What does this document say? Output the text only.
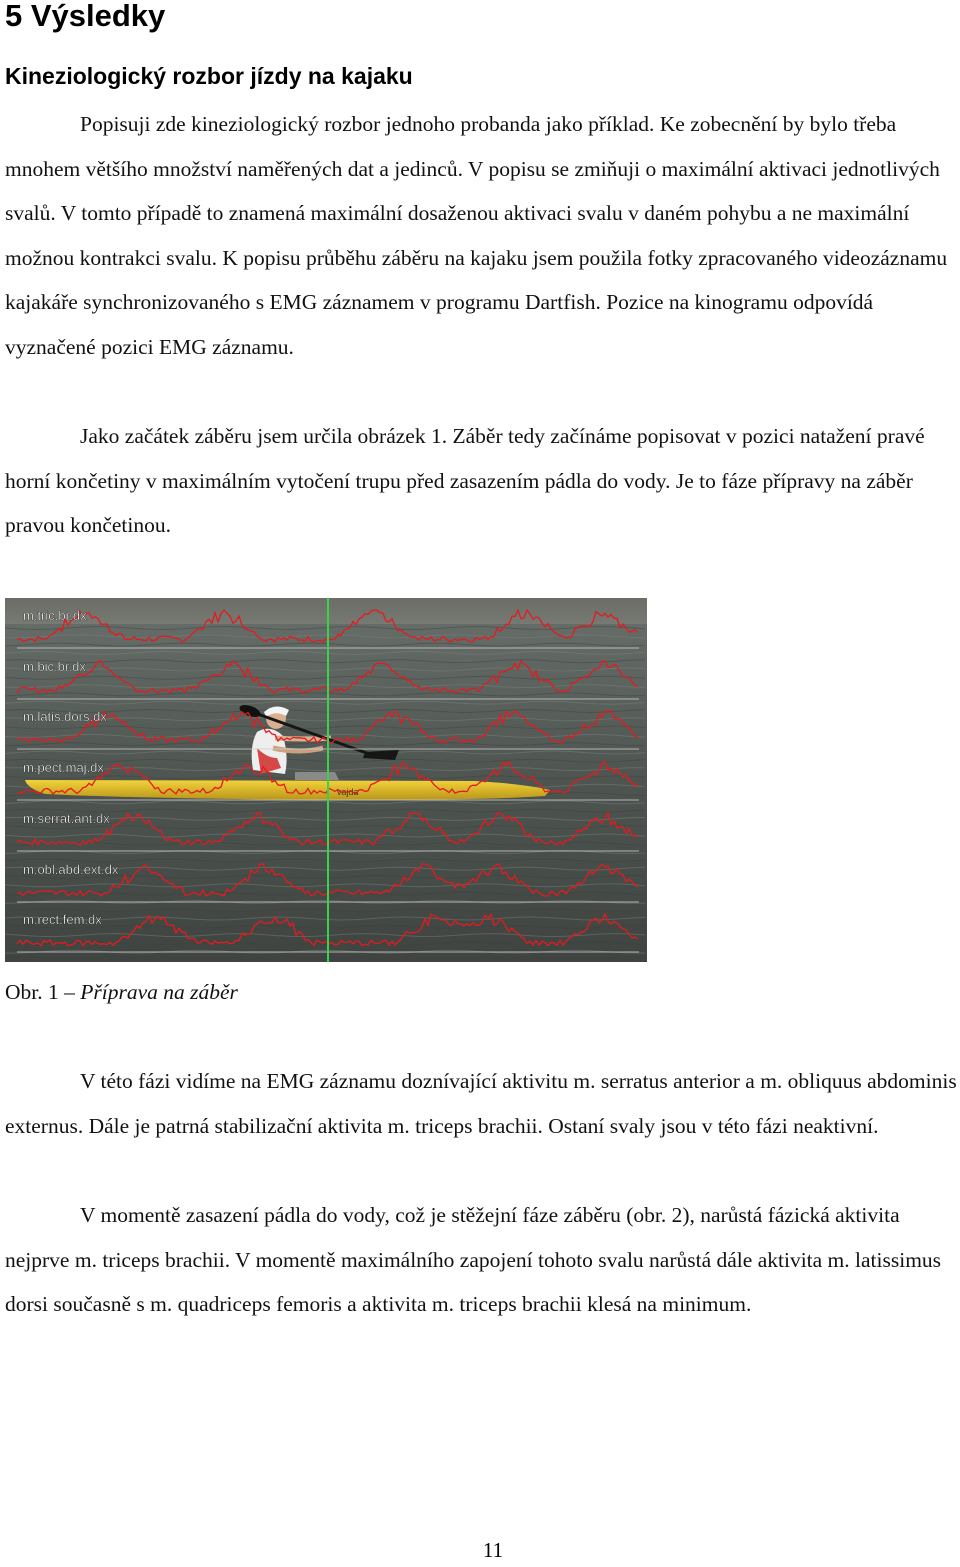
5 Výsledky
Kineziologický rozbor jízdy na kajaku

Popisuji zde kineziologický rozbor jednoho probanda jako příklad. Ke zobecnění by bylo třeba mnohem většího množství naměřených dat a jedinců. V popisu se zmiňuji o maximální aktivaci jednotlivých svalů. V tomto případě to znamená maximální dosaženou aktivaci svalu v daném pohybu a ne maximální možnou kontrakci svalu. K popisu průběhu záběru na kajaku jsem použila fotky zpracovaného videozáznamu kajakáře synchronizovaného s EMG záznamem v programu Dartfish. Pozice na kinogramu odpovídá vyznačené pozici EMG záznamu.

Jako začátek záběru jsem určila obrázek 1. Záběr tedy začínáme popisovat v pozici natažení pravé horní končetiny v maximálním vytočení trupu před zasazením pádla do vody. Je to fáze přípravy na záběr pravou končetinou.

vajda
m.tric.br.dx
m.bic.br.dx
m.latis.dors.dx
m.pect.maj.dx
m.serrat.ant.dx
m.obl.abd.ext.dx
m.rect.fem.dx

Obr. 1 – Příprava na záběr

V této fázi vidíme na EMG záznamu doznívající aktivitu m. serratus anterior a m. obliquus abdominis externus. Dále je patrná stabilizační aktivita m. triceps brachii. Ostaní svaly jsou v této fázi neaktivní.

V momentě zasazení pádla do vody, což je stěžejní fáze záběru (obr. 2), narůstá fázická aktivita nejprve m. triceps brachii. V momentě maximálního zapojení tohoto svalu narůstá dále aktivita m. latissimus dorsi současně s m. quadriceps femoris a aktivita m. triceps brachii klesá na minimum.

11
